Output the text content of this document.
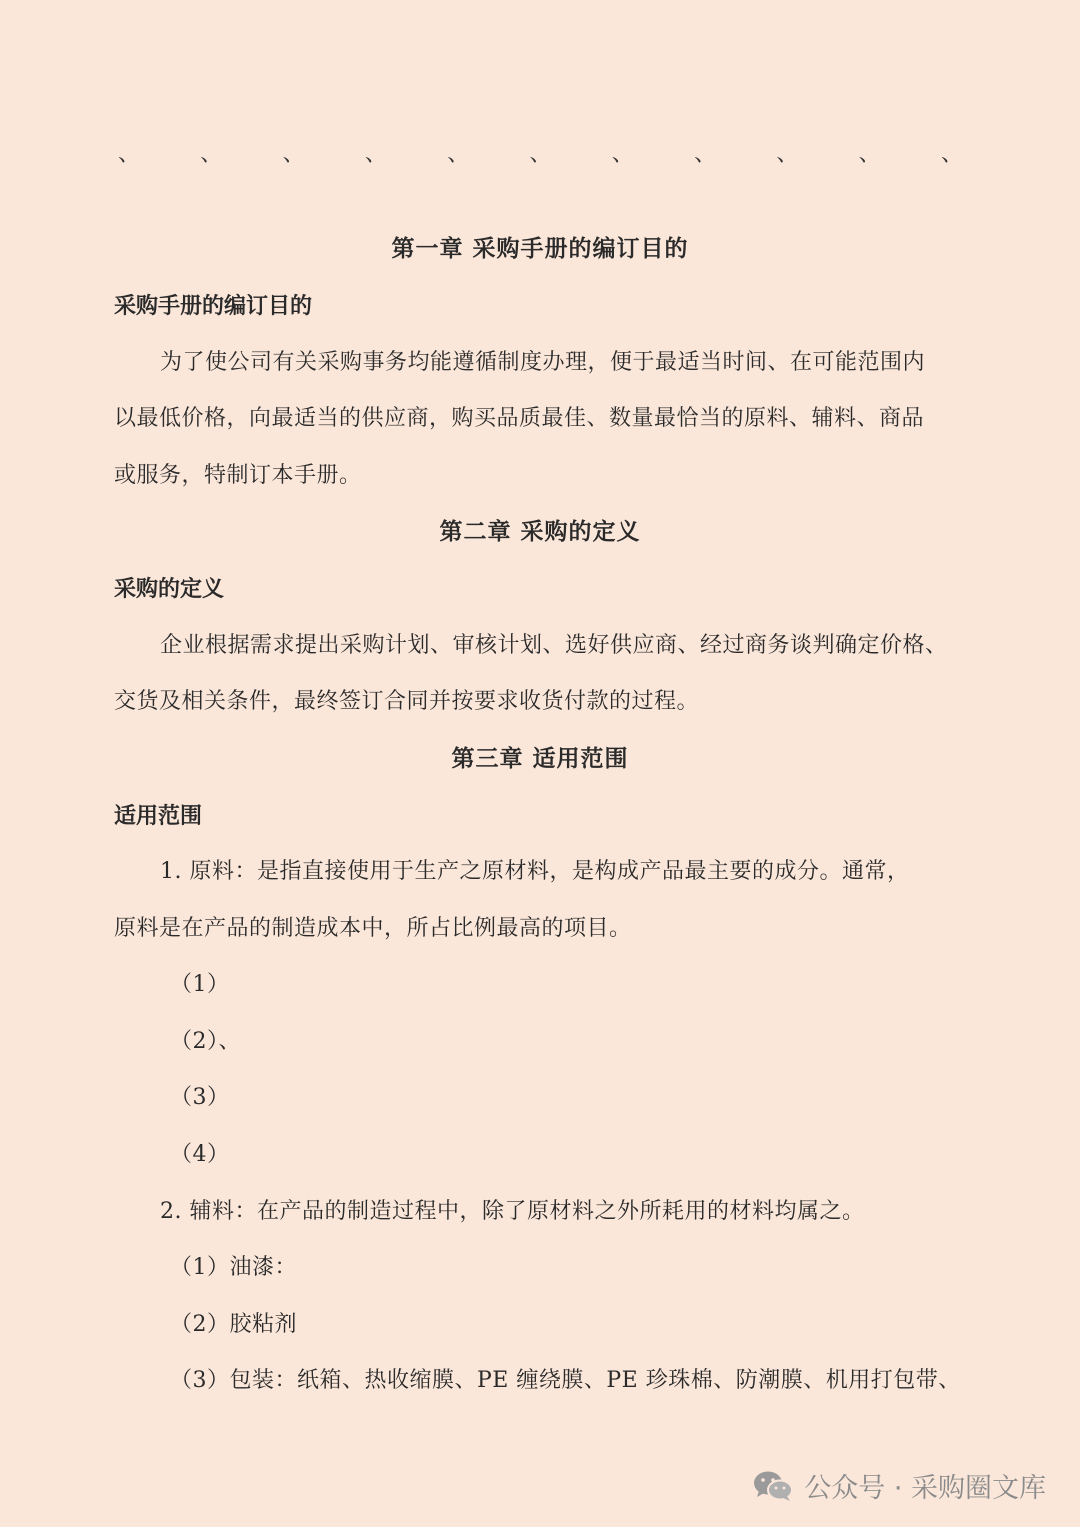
、	、	、	、	、	、	、	、	、	、	、
第一章 采购手册的编订目的
采购手册的编订目的
为了使公司有关采购事务均能遵循制度办理，便于最适当时间、在可能范围内
以最低价格，向最适当的供应商，购买品质最佳、数量最恰当的原料、辅料、商品
或服务，特制订本手册。
第二章 采购的定义
采购的定义
企业根据需求提出采购计划、审核计划、选好供应商、经过商务谈判确定价格、
交货及相关条件，最终签订合同并按要求收货付款的过程。
第三章 适用范围
适用范围
1. 原料：是指直接使用于生产之原材料，是构成产品最主要的成分。通常，
原料是在产品的制造成本中，所占比例最高的项目。
（1）
（2）、
（3）
（4）
2. 辅料：在产品的制造过程中，除了原材料之外所耗用的材料均属之。
（1）油漆：
（2）胶粘剂
（3）包装：纸箱、热收缩膜、PE 缠绕膜、PE 珍珠棉、防潮膜、机用打包带、
公众号 · 采购圈文库
